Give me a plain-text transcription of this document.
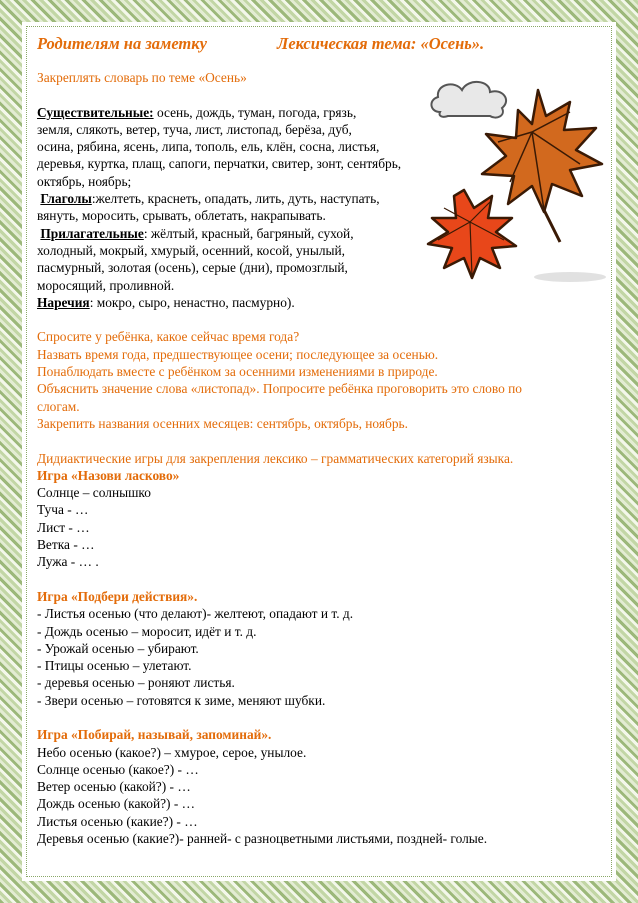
Родителям на заметку	Лексическая тема: «Осень».

Закреплять словарь по теме «Осень»

Существительные: осень, дождь, туман, погода, грязь,

земля, слякоть, ветер, туча, лист, листопад, берёза, дуб,

осина, рябина, ясень, липа, тополь, ель, клён, сосна, листья,

деревья, куртка, плащ, сапоги, перчатки, свитер, зонт, сентябрь,

октябрь, ноябрь;

Глаголы:желтеть, краснеть, опадать, лить, дуть, наступать,

вянуть, моросить, срывать, облетать, накрапывать.

Прилагательные: жёлтый, красный, багряный, сухой,

холодный, мокрый, хмурый, осенний, косой, унылый,

пасмурный, золотая (осень), серые (дни), промозглый,

моросящий, проливной.

Наречия: мокро, сыро, ненастно, пасмурно).

Спросите у ребёнка, какое сейчас время года?

Назвать время года, предшествующее осени; последующее за осенью.

Понаблюдать вместе с ребёнком за осенними изменениями в природе.

Объяснить значение слова «листопад». Попросите ребёнка проговорить это слово по

слогам.

Закрепить названия осенних месяцев: сентябрь, октябрь, ноябрь.

Дидиактические игры для закрепления лексико – грамматических категорий языка.

Игра «Назови ласково»

Солнце – солнышко

Туча - …

Лист - …

Ветка - …

Лужа - … .

Игра «Подбери действия».

- Листья осенью (что делают)- желтеют, опадают и т. д.

- Дождь осенью – моросит, идёт и т. д.

- Урожай осенью – убирают.

- Птицы осенью – улетают.

- деревья осенью – роняют листья.

- Звери осенью – готовятся к зиме, меняют шубки.

Игра «Побирай, называй, запоминай».

Небо осенью (какое?) – хмурое, серое, унылое.

Солнце осенью (какое?) - …

Ветер осенью (какой?) - …

Дождь осенью (какой?) - …

Листья осенью (какие?) - …

Деревья осенью (какие?)- ранней- с разноцветными листьями, поздней- голые.
